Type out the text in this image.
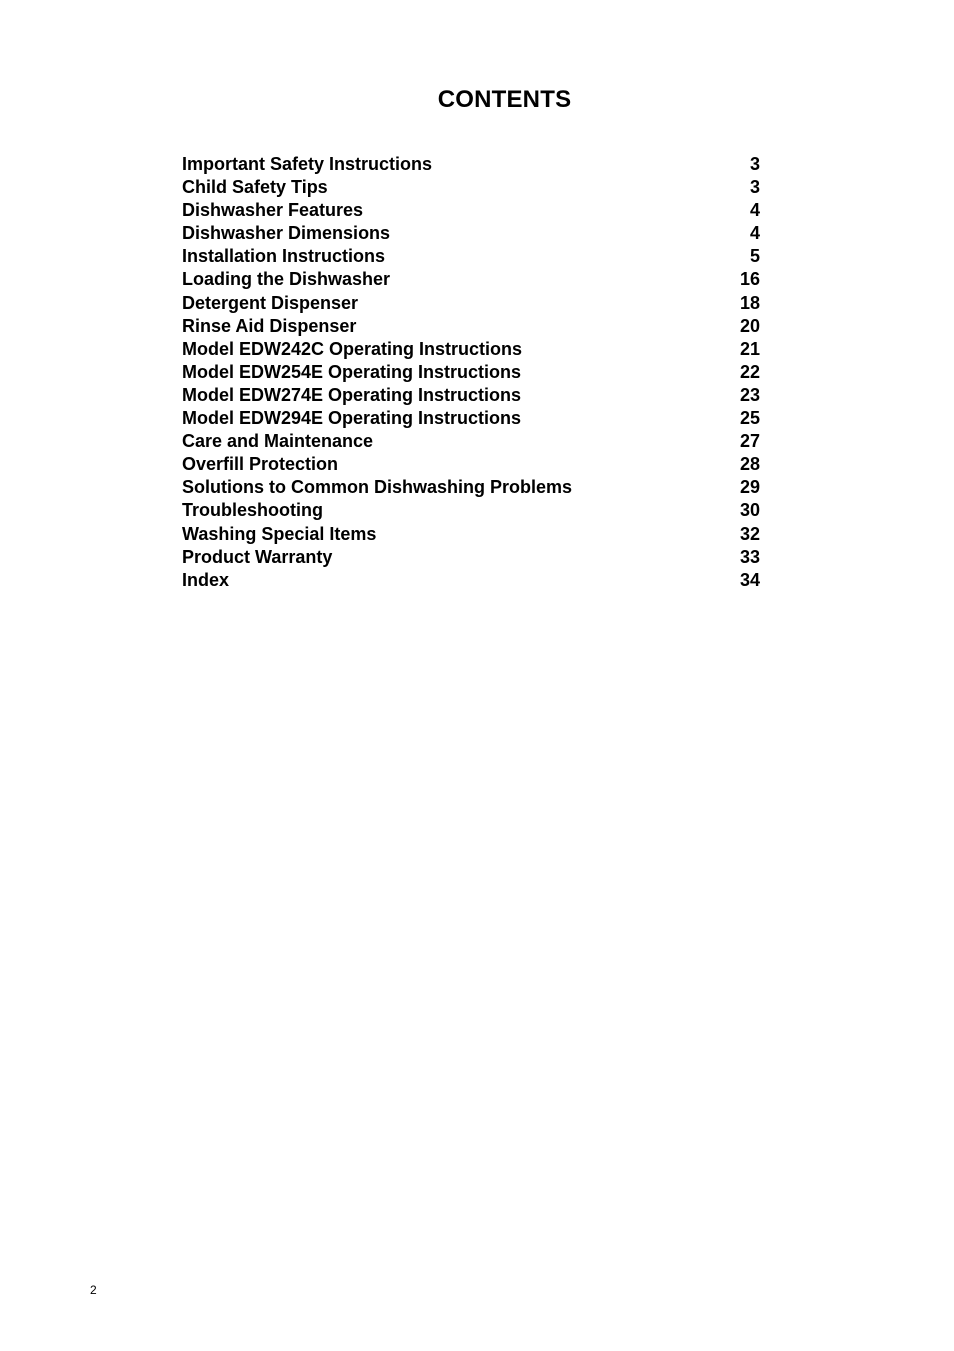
CONTENTS
Important Safety Instructions	3
Child Safety Tips	3
Dishwasher Features	4
Dishwasher Dimensions	4
Installation Instructions	5
Loading the Dishwasher	16
Detergent Dispenser	18
Rinse Aid Dispenser	20
Model EDW242C Operating Instructions	21
Model EDW254E Operating Instructions	22
Model EDW274E Operating Instructions	23
Model EDW294E Operating Instructions	25
Care and Maintenance	27
Overfill Protection	28
Solutions to Common Dishwashing Problems	29
Troubleshooting	30
Washing Special Items	32
Product Warranty	33
Index	34
2
